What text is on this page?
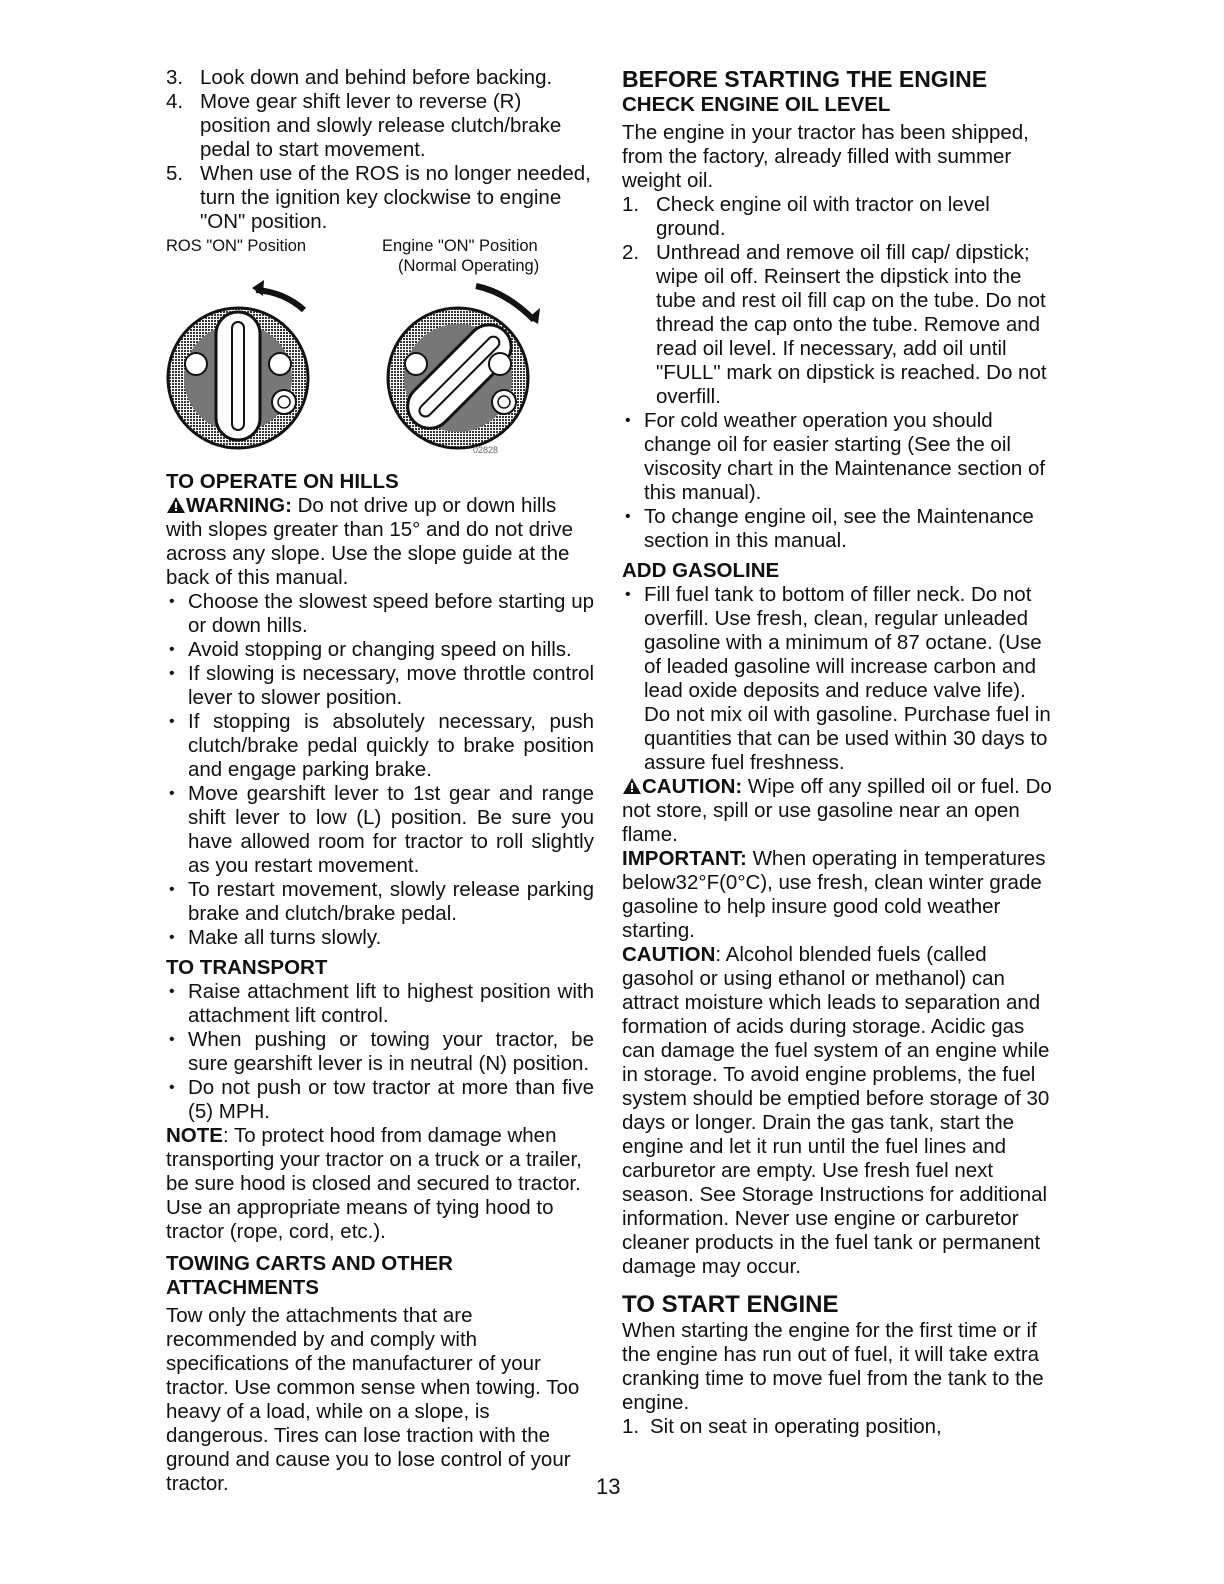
3. Look down and behind before backing.
4. Move gear shift lever to reverse (R) position and slowly release clutch/brake pedal to start movement.
5. When use of the ROS is no longer needed, turn the ignition key clockwise to engine "ON" position.
ROS "ON" Position	Engine "ON" Position
(Normal Operating)
02828
TO OPERATE ON HILLS

WARNING: Do not drive up or down hills with slopes greater than 15° and do not drive across any slope. Use the slope guide at the back of this manual.

• Choose the slowest speed before starting up or down hills.
• Avoid stopping or changing speed on hills.
• If slowing is necessary, move throttle control lever to slower position.
• If stopping is absolutely necessary, push clutch/brake pedal quickly to brake position and engage parking brake.
• Move gearshift lever to 1st gear and range shift lever to low (L) position. Be sure you have allowed room for tractor to roll slightly as you restart movement.
• To restart movement, slowly release parking brake and clutch/brake pedal.
• Make all turns slowly.
TO TRANSPORT
• Raise attachment lift to highest position with attachment lift control.
• When pushing or towing your tractor, be sure gearshift lever is in neutral (N) position.
• Do not push or tow tractor at more than five (5) MPH.

NOTE: To protect hood from damage when transporting your tractor on a truck or a trailer, be sure hood is closed and secured to tractor. Use an appropriate means of tying hood to tractor (rope, cord, etc.).

TOWING CARTS AND OTHER ATTACHMENTS

Tow only the attachments that are recommended by and comply with specifications of the manufacturer of your tractor. Use common sense when towing. Too heavy of a load, while on a slope, is dangerous. Tires can lose traction with the ground and cause you to lose control of your tractor.

BEFORE STARTING THE ENGINE
CHECK ENGINE OIL LEVEL

The engine in your tractor has been shipped, from the factory, already filled with summer weight oil.

1. Check engine oil with tractor on level ground.
2. Unthread and remove oil fill cap/ dipstick; wipe oil off. Reinsert the dipstick into the tube and rest oil fill cap on the tube. Do not thread the cap onto the tube. Remove and read oil level. If necessary, add oil until "FULL" mark on dipstick is reached. Do not overfill.
• For cold weather operation you should change oil for easier starting (See the oil viscosity chart in the Maintenance section of this manual).
• To change engine oil, see the Maintenance section in this manual.
ADD GASOLINE
• Fill fuel tank to bottom of filler neck. Do not overfill. Use fresh, clean, regular unleaded gasoline with a minimum of 87 octane. (Use of leaded gasoline will increase carbon and lead oxide deposits and reduce valve life). Do not mix oil with gasoline. Purchase fuel in quantities that can be used within 30 days to assure fuel freshness.

CAUTION: Wipe off any spilled oil or fuel. Do not store, spill or use gasoline near an open flame.

IMPORTANT: When operating in temperatures below32°F(0°C), use fresh, clean winter grade gasoline to help insure good cold weather starting.

CAUTION: Alcohol blended fuels (called gasohol or using ethanol or methanol) can attract moisture which leads to separation and formation of acids during storage. Acidic gas can damage the fuel system of an engine while in storage. To avoid engine problems, the fuel system should be emptied before storage of 30 days or longer. Drain the gas tank, start the engine and let it run until the fuel lines and carburetor are empty. Use fresh fuel next season. See Storage Instructions for additional information. Never use engine or carburetor cleaner products in the fuel tank or permanent damage may occur.

TO START ENGINE

When starting the engine for the first time or if the engine has run out of fuel, it will take extra cranking time to move fuel from the tank to the engine.

1. Sit on seat in operating position,
13
